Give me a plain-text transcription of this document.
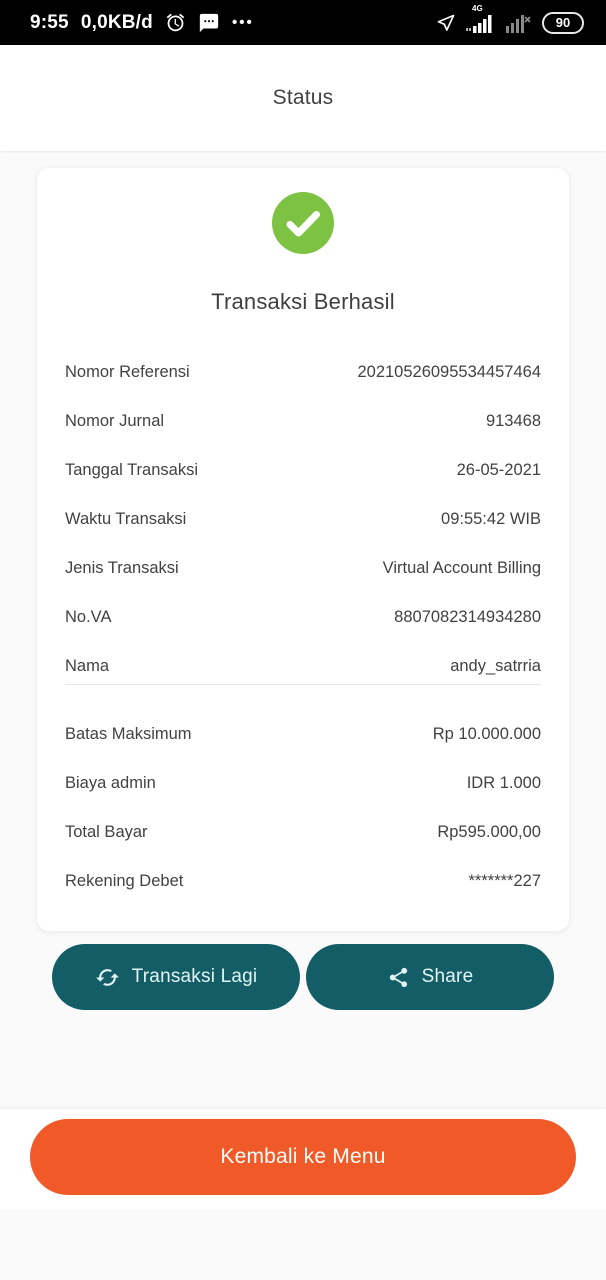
9:55 0,0KB/d	•••
4G
90
Status
Transaksi Berhasil
Nomor Referensi	20210526095534457464
Nomor Jurnal	913468
Tanggal Transaksi	26-05-2021
Waktu Transaksi	09:55:42 WIB
Jenis Transaksi	Virtual Account Billing
No.VA	8807082314934280
Nama	andy_satrria
Batas Maksimum	Rp 10.000.000
Biaya admin	IDR 1.000
Total Bayar	Rp595.000,00
Rekening Debet	*******227
Transaksi Lagi	Share
Kembali ke Menu
